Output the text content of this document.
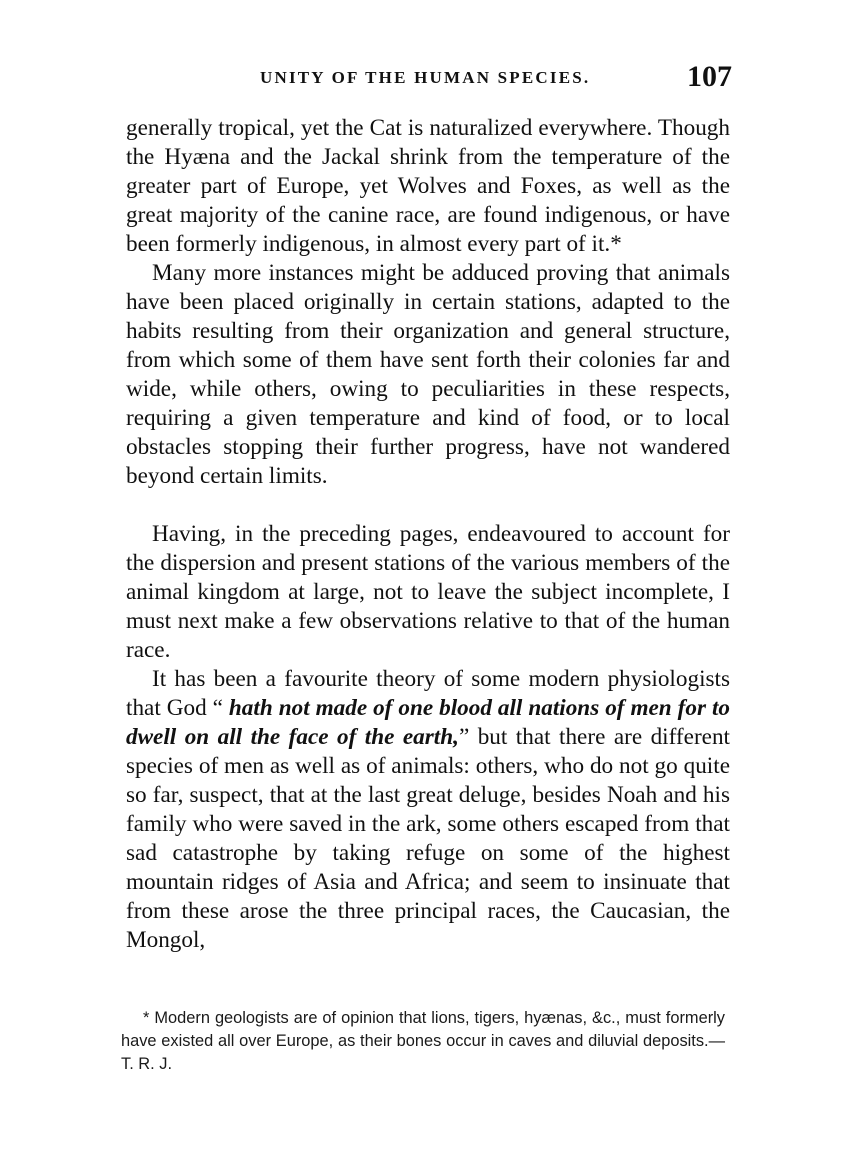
UNITY OF THE HUMAN SPECIES.	107

generally tropical, yet the Cat is naturalized everywhere. Though the Hyæna and the Jackal shrink from the temperature of the greater part of Europe, yet Wolves and Foxes, as well as the great majority of the canine race, are found indigenous, or have been formerly indigenous, in almost every part of it.*

Many more instances might be adduced proving that animals have been placed originally in certain stations, adapted to the habits resulting from their organization and general structure, from which some of them have sent forth their colonies far and wide, while others, owing to peculiarities in these respects, requiring a given temperature and kind of food, or to local obstacles stopping their further progress, have not wandered beyond certain limits.

Having, in the preceding pages, endeavoured to account for the dispersion and present stations of the various members of the animal kingdom at large, not to leave the subject incomplete, I must next make a few observations relative to that of the human race.

It has been a favourite theory of some modern physiologists that God “ hath not made of one blood all nations of men for to dwell on all the face of the earth,” but that there are different species of men as well as of animals: others, who do not go quite so far, suspect, that at the last great deluge, besides Noah and his family who were saved in the ark, some others escaped from that sad catastrophe by taking refuge on some of the highest mountain ridges of Asia and Africa; and seem to insinuate that from these arose the three principal races, the Caucasian, the Mongol,

* Modern geologists are of opinion that lions, tigers, hyænas, &c., must formerly have existed all over Europe, as their bones occur in caves and diluvial deposits.—T. R. J.
